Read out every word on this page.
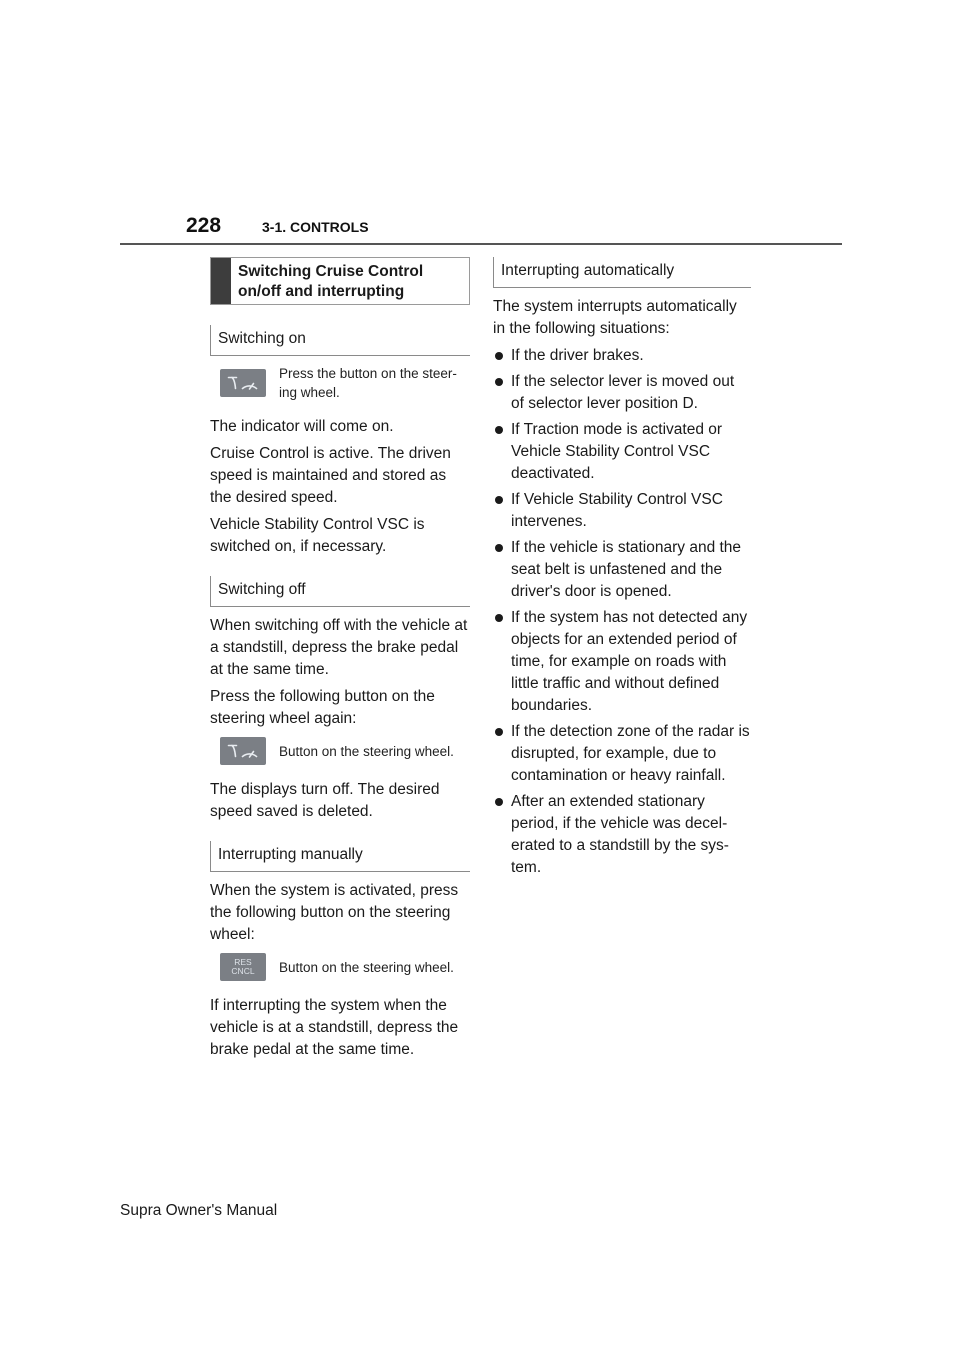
228	3-1. CONTROLS
Switching Cruise Control on/off and interrupting
Switching on
Press the button on the steer-ing wheel.

The indicator will come on.

Cruise Control is active. The driven speed is maintained and stored as the desired speed.

Vehicle Stability Control VSC is switched on, if necessary.

Switching off

When switching off with the vehicle at a standstill, depress the brake pedal at the same time.

Press the following button on the steering wheel again:

Button on the steering wheel.

The displays turn off. The desired speed saved is deleted.

Interrupting manually

When the system is activated, press the following button on the steering wheel:

RES
CNCL Button on the steering wheel.

If interrupting the system when the vehicle is at a standstill, depress the brake pedal at the same time.

Interrupting automatically

The system interrupts automatically in the following situations:

If the driver brakes.
If the selector lever is moved out of selector lever position D.
If Traction mode is activated or Vehicle Stability Control VSC deactivated.
If Vehicle Stability Control VSC intervenes.
If the vehicle is stationary and the seat belt is unfastened and the driver's door is opened.
If the system has not detected any objects for an extended period of time, for example on roads with little traffic and without defined boundaries.
If the detection zone of the radar is disrupted, for example, due to contamination or heavy rainfall.
After an extended stationary period, if the vehicle was decel-erated to a standstill by the sys-tem.
Supra Owner's Manual
